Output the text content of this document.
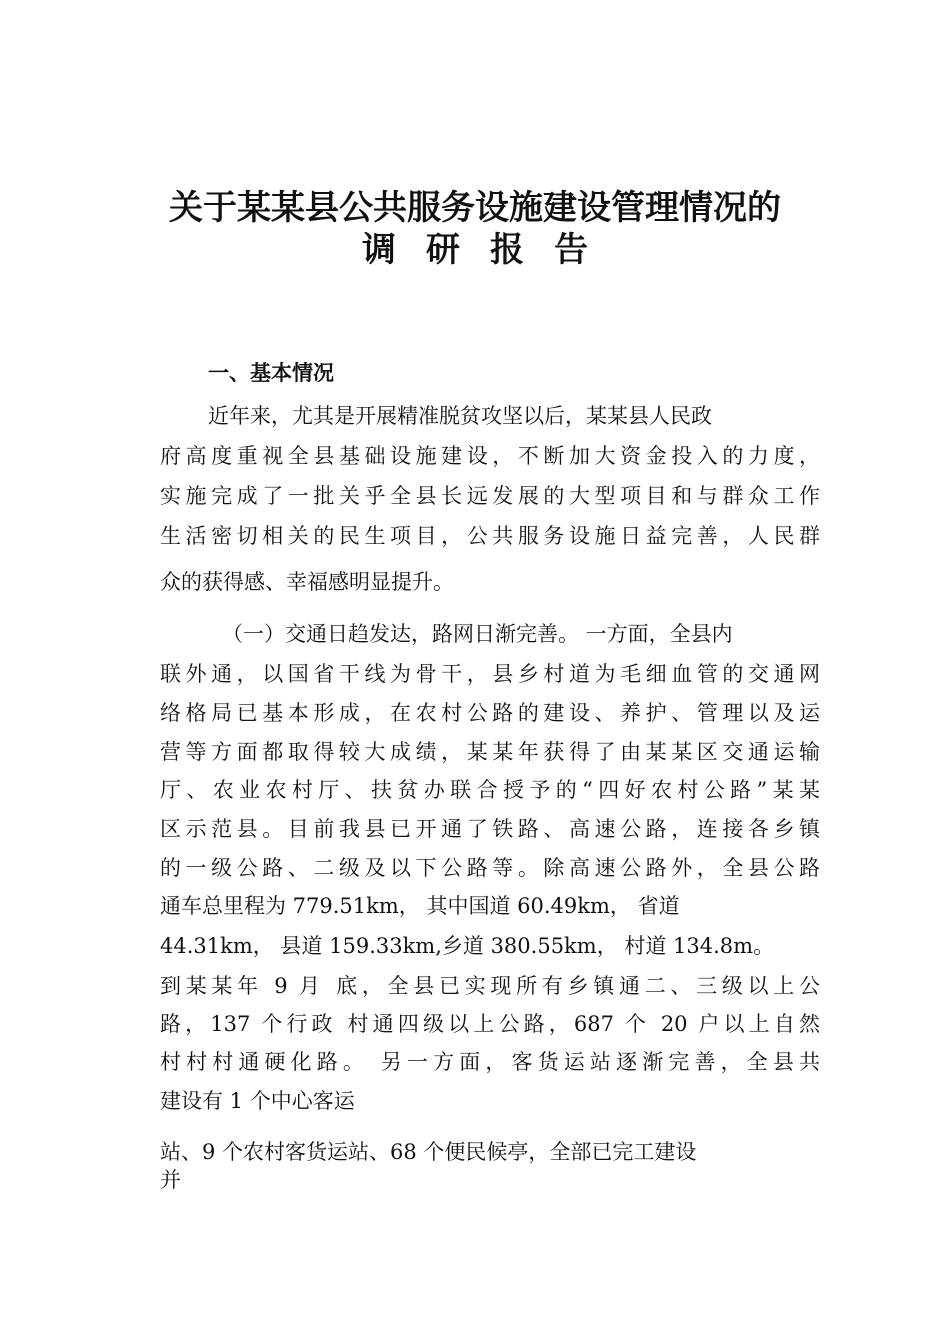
关于某某县公共服务设施建设管理情况的
调研报告
一、基本情况
近年来，尤其是开展精准脱贫攻坚以后，某某县人民政
府高度重视全县基础设施建设，不断加大资金投入的力度，
实施完成了一批关乎全县长远发展的大型项目和与群众工作
生活密切相关的民生项目，公共服务设施日益完善，人民群
众的获得感、幸福感明显提升。
（一）交通日趋发达，路网日渐完善。 一方面，全县内
联外通，以国省干线为骨干，县乡村道为毛细血管的交通网
络格局已基本形成，在农村公路的建设、养护、管理以及运
营等方面都取得较大成绩，某某年获得了由某某区交通运输
厅、农业农村厅、扶贫办联合授予的“四好农村公路”某某
区示范县。目前我县已开通了铁路、高速公路，连接各乡镇
的一级公路、二级及以下公路等。除高速公路外，全县公路
通车总里程为 779.51km， 其中国道 60.49km， 省道
44.31km， 县道 159.33km,乡道 380.55km， 村道 134.8m。
到某某年 9 月 底，全县已实现所有乡镇通二、三级以上公
路，137 个行政 村通四级以上公路，687 个 20 户以上自然
村村村通硬化路。 另一方面，客货运站逐渐完善，全县共
建设有 1 个中心客运
站、9 个农村客货运站、68 个便民候亭，全部已完工建设
并
